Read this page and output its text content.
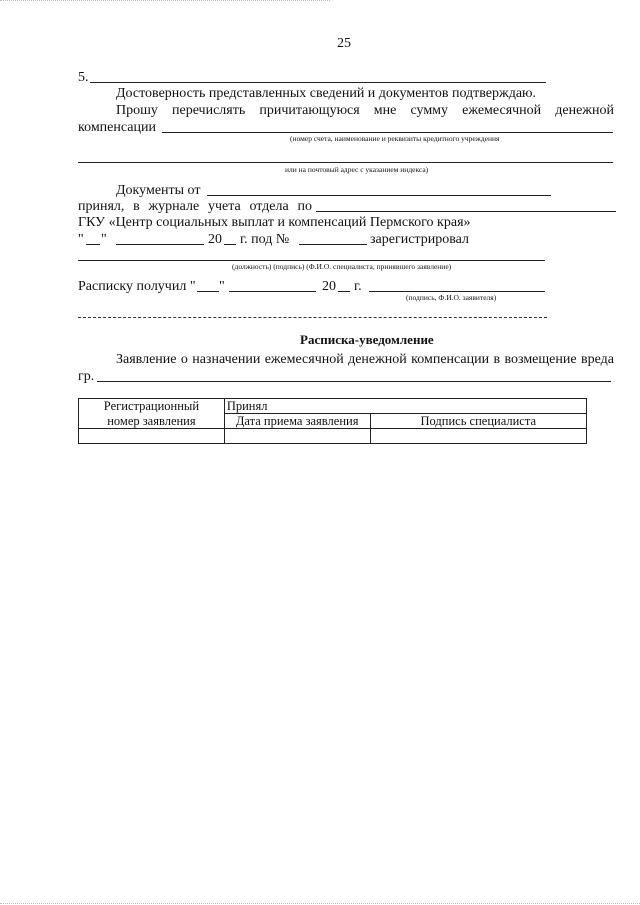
25
5.
Достоверность представленных сведений и документов подтверждаю.
Прошу перечислять причитающуюся мне сумму ежемесячной денежной
компенсации
(номер счета, наименование и реквизиты кредитного учреждения
или на почтовый адрес с указанием индекса)
Документы от
принял, в журнале учета отдела по
ГКУ «Центр социальных выплат и компенсаций Пермского края»
" "	20 г. под №	зарегистрировал
(должность) (подпись) (Ф.И.О. специалиста, принявшего заявление)
Расписку получил " "	20 г.
(подпись, Ф.И.О. заявителя)
Расписка-уведомление
Заявление о назначении ежемесячной денежной компенсации в возмещение вреда
гр.
Регистрационный	Принял	
номер заявления	Дата приема заявления	Подпись специалиста
